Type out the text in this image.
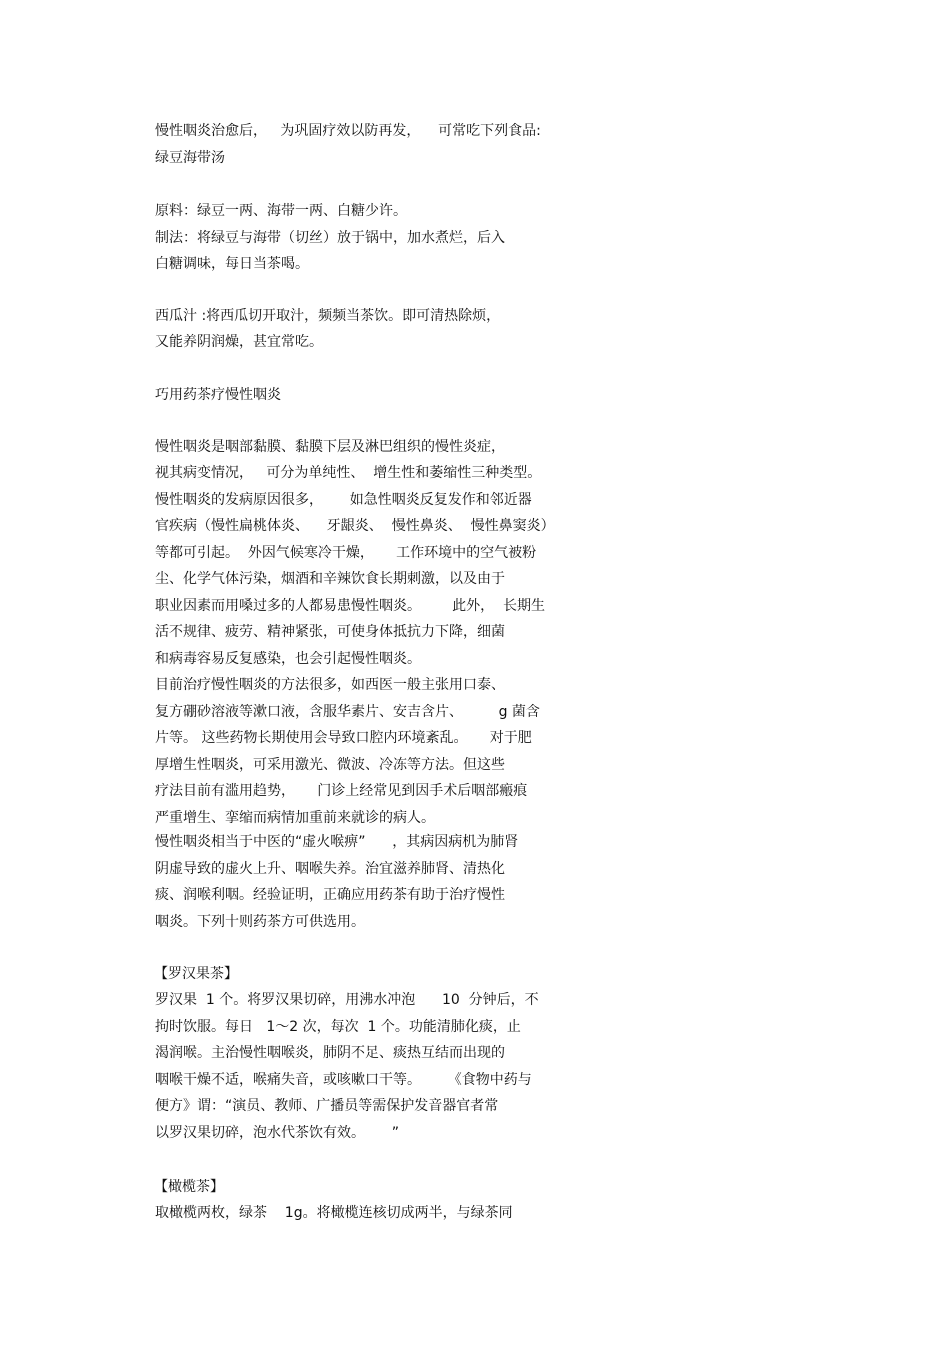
慢性咽炎治愈后，   为巩固疗效以防再发，    可常吃下列食品:
绿豆海带汤
原料：绿豆一两、海带一两、白糖少许。
制法：将绿豆与海带（切丝）放于锅中，加水煮烂，后入
白糖调味，每日当茶喝。
西瓜汁 :将西瓜切开取汁，频频当茶饮。即可清热除烦，
又能养阴润燥，甚宜常吃。
巧用药茶疗慢性咽炎
慢性咽炎是咽部黏膜、黏膜下层及淋巴组织的慢性炎症，
视其病变情况，   可分为单纯性、  增生性和萎缩性三种类型。
慢性咽炎的发病原因很多，      如急性咽炎反复发作和邻近器
官疾病（慢性扁桃体炎、    牙龈炎、  慢性鼻炎、  慢性鼻窦炎）
等都可引起。  外因气候寒冷干燥，     工作环境中的空气被粉
尘、化学气体污染，烟酒和辛辣饮食长期刺激，以及由于
职业因素而用嗓过多的人都易患慢性咽炎。       此外，  长期生
活不规律、疲劳、精神紧张，可使身体抵抗力下降，细菌
和病毒容易反复感染，也会引起慢性咽炎。
目前治疗慢性咽炎的方法很多，如西医一般主张用口泰、
复方硼砂溶液等漱口液，含服华素片、安吉含片、        g 菌含
片等。 这些药物长期使用会导致口腔内环境紊乱。     对于肥
厚增生性咽炎，可采用激光、微波、冷冻等方法。但这些
疗法目前有滥用趋势，     门诊上经常见到因手术后咽部瘢痕
严重增生、挛缩而病情加重前来就诊的病人。
慢性咽炎相当于中医的“虚火喉痹”      ，其病因病机为肺肾
阴虚导致的虚火上升、咽喉失养。治宜滋养肺肾、清热化
痰、润喉利咽。经验证明，正确应用药茶有助于治疗慢性
咽炎。下列十则药茶方可供选用。
【罗汉果茶】
罗汉果  1 个。将罗汉果切碎，用沸水冲泡      10  分钟后，不
拘时饮服。每日   1～2 次，每次  1 个。功能清肺化痰，止
渴润喉。主治慢性咽喉炎，肺阴不足、痰热互结而出现的
咽喉干燥不适，喉痛失音，或咳嗽口干等。      《食物中药与
便方》谓：“演员、教师、广播员等需保护发音器官者常
以罗汉果切碎，泡水代茶饮有效。      ”
【橄榄茶】
取橄榄两枚，绿茶    1g。将橄榄连核切成两半，与绿茶同
